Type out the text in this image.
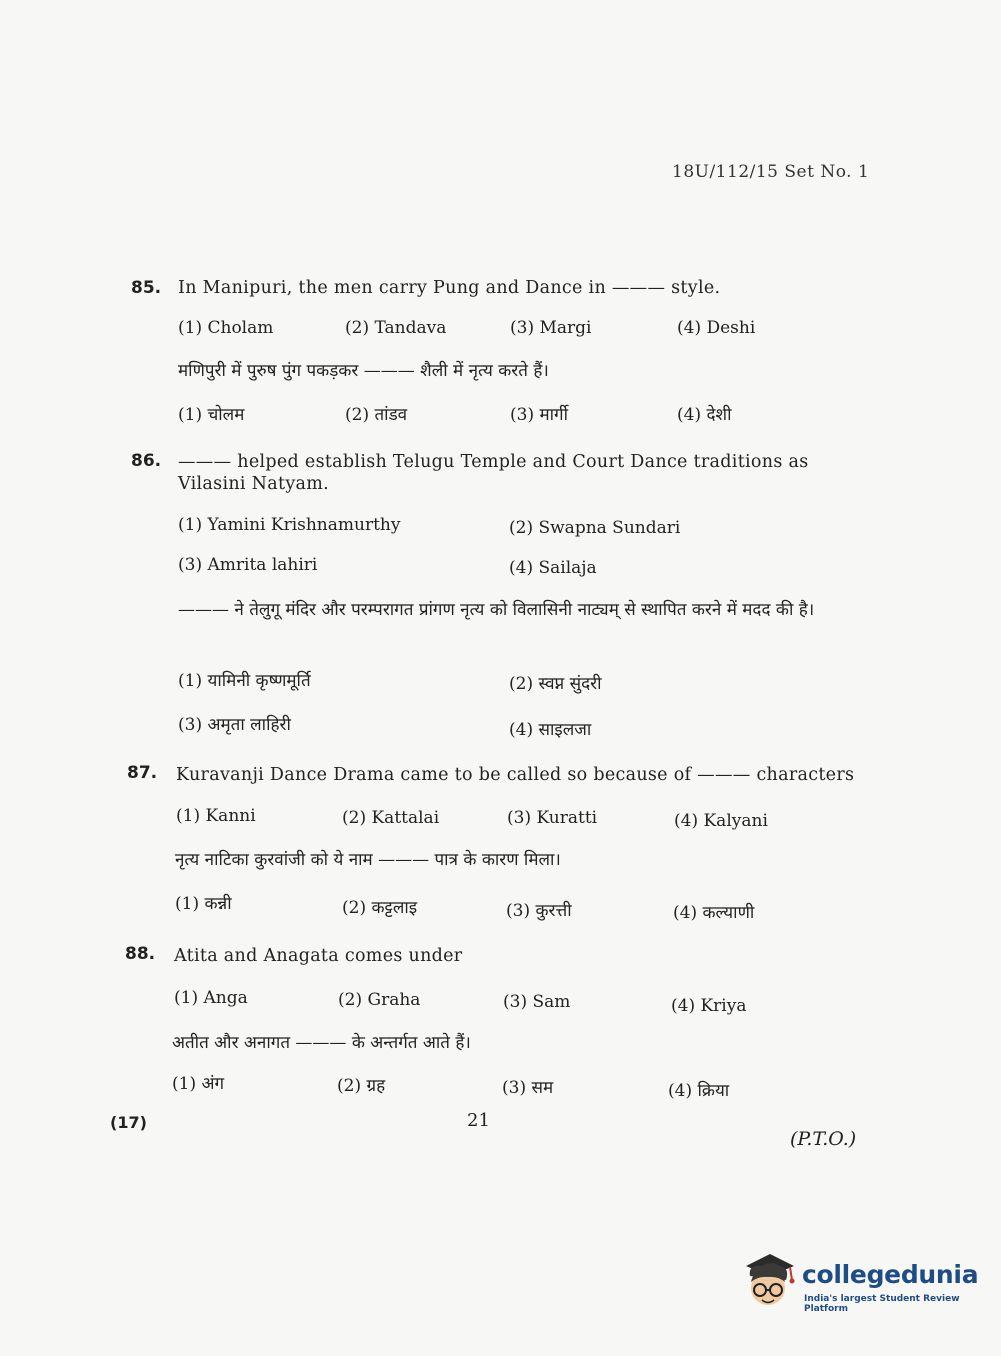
18U/112/15 Set No. 1
85. In Manipuri, the men carry Pung and Dance in ——— style.
(1) Cholam	(2) Tandava	(3) Margi	(4) Deshi
मणिपुरी में पुरुष पुंग पकड़कर ——— शैली में नृत्य करते हैं।
(1) चोलम	(2) तांडव	(3) मार्गी	(4) देशी
86. ——— helped establish Telugu Temple and Court Dance traditions as Vilasini Natyam.
(1) Yamini Krishnamurthy	(2) Swapna Sundari
(3) Amrita lahiri	(4) Sailaja
——— ने तेलुगू मंदिर और परम्परागत प्रांगण नृत्य को विलासिनी नाट्यम् से स्थापित करने में मदद की है।
(1) यामिनी कृष्णमूर्ति	(2) स्वप्न सुंदरी
(3) अमृता लाहिरी	(4) साइलजा
87. Kuravanji Dance Drama came to be called so because of ——— characters
(1) Kanni	(2) Kattalai	(3) Kuratti	(4) Kalyani
नृत्य नाटिका कुरवांजी को ये नाम ——— पात्र के कारण मिला।
(1) कन्नी	(2) कट्टलाइ	(3) कुरत्ती	(4) कल्याणी
88. Atita and Anagata comes under
(1) Anga	(2) Graha	(3) Sam	(4) Kriya
अतीत और अनागत ——— के अन्तर्गत आते हैं।
(1) अंग	(2) ग्रह	(3) सम	(4) क्रिया
(17)	21
(P.T.O.)
collegedunia
India's largest Student Review Platform
